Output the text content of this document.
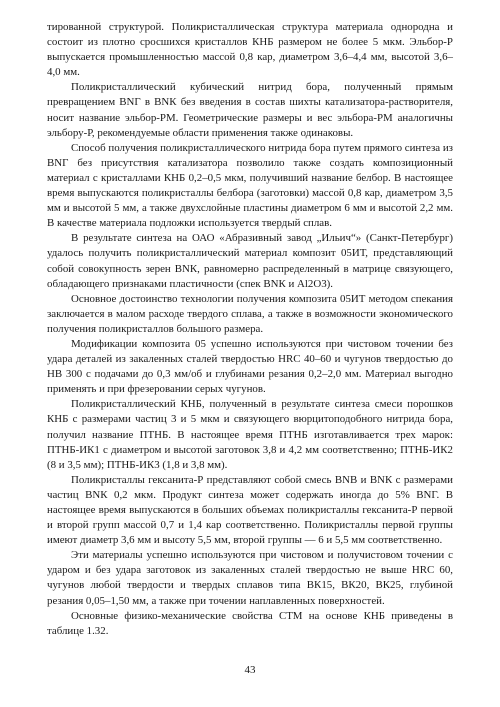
тированной структурой. Поликристаллическая структура материала однородна и состоит из плотно сросшихся кристаллов КНБ размером не более 5 мкм. Эльбор-Р выпускается промышленностью массой 0,8 кар, диаметром 3,6–4,4 мм, высотой 3,6–4,0 мм.

Поликристаллический кубический нитрид бора, полученный прямым превращением BNГ в BNК без введения в состав шихты катализатора-растворителя, носит название эльбор-РМ. Геометрические размеры и вес эльбора-РМ аналогичны эльбору-Р, рекомендуемые области применения также одинаковы.

Способ получения поликристаллического нитрида бора путем прямого синтеза из BNГ без присутствия катализатора позволило также создать композиционный материал с кристаллами КНБ 0,2–0,5 мкм, получивший название белбор. В настоящее время выпускаются поликристаллы белбора (заготовки) массой 0,8 кар, диаметром 3,5 мм и высотой 5 мм, а также двухслойные пластины диаметром 6 мм и высотой 2,2 мм. В качестве материала подложки используется твердый сплав.

В результате синтеза на ОАО «Абразивный завод „Ильич“» (Санкт-Петербург) удалось получить поликристаллический материал композит 05ИТ, представляющий собой совокупность зерен BNК, равномерно распределенный в матрице связующего, обладающего признаками пластичности (спек BNК и Al2O3).

Основное достоинство технологии получения композита 05ИТ методом спекания заключается в малом расходе твердого сплава, а также в возможности экономического получения поликристаллов большого размера.

Модификации композита 05 успешно используются при чистовом точении без удара деталей из закаленных сталей твердостью HRC 40–60 и чугунов твердостью до НВ 300 с подачами до 0,3 мм/об и глубинами резания 0,2–2,0 мм. Материал выгодно применять и при фрезеровании серых чугунов.

Поликристаллический КНБ, полученный в результате синтеза смеси порошков КНБ с размерами частиц 3 и 5 мкм и связующего вюрцитоподобного нитрида бора, получил название ПТНБ. В настоящее время ПТНБ изготавливается трех марок: ПТНБ-ИК1 с диаметром и высотой заготовок 3,8 и 4,2 мм соответственно; ПТНБ-ИК2 (8 и 3,5 мм); ПТНБ-ИК3 (1,8 и 3,8 мм).

Поликристаллы гексанита-Р представляют собой смесь BNВ и BNК с размерами частиц BNК 0,2 мкм. Продукт синтеза может содержать иногда до 5% BNГ. В настоящее время выпускаются в больших объемах поликристаллы гексанита-Р первой и второй групп массой 0,7 и 1,4 кар соответственно. Поликристаллы первой группы имеют диаметр 3,6 мм и высоту 5,5 мм, второй группы — 6 и 5,5 мм соответственно.

Эти материалы успешно используются при чистовом и получистовом точении с ударом и без удара заготовок из закаленных сталей твердостью не выше HRC 60, чугунов любой твердости и твердых сплавов типа ВК15, ВК20, ВК25, глубиной резания 0,05–1,50 мм, а также при точении наплавленных поверхностей.

Основные физико-механические свойства СТМ на основе КНБ приведены в таблице 1.32.

43
